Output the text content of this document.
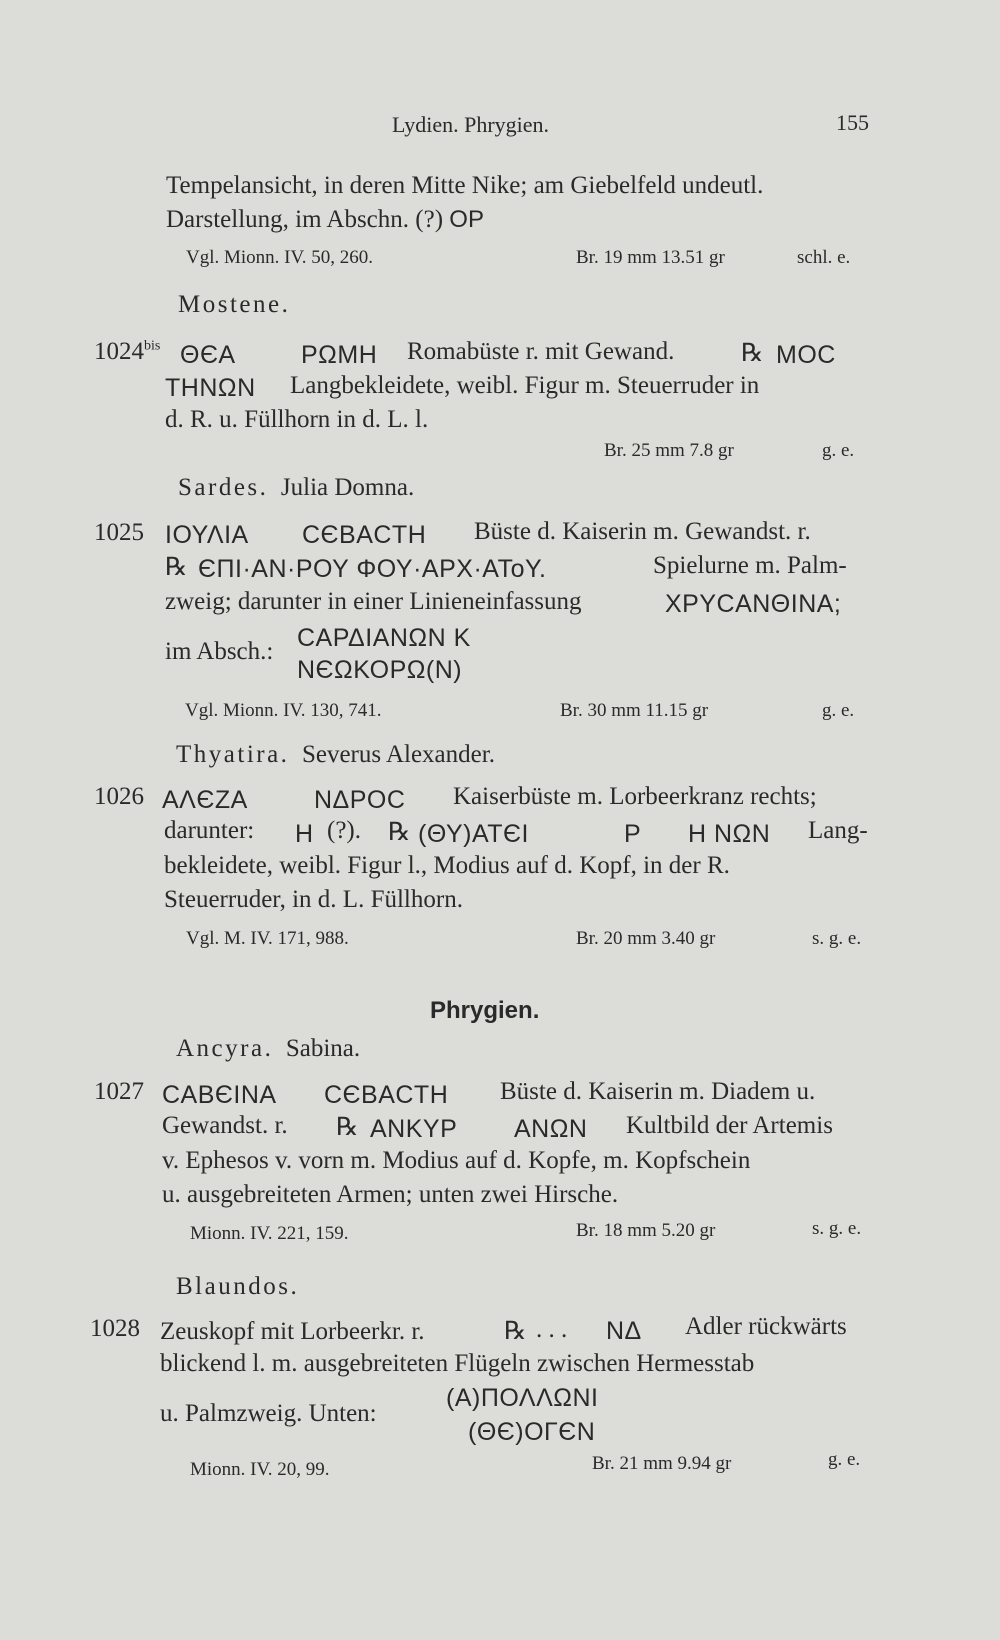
Lydien. Phrygien.	155
Tempelansicht, in deren Mitte Nike; am Giebelfeld undeutl.
Darstellung, im Abschn. (?) OP
Vgl. Mionn. IV. 50, 260.	Br. 19 mm 13.51 gr	schl. e.
Mostene.
$1024^{bis}$ ΘЄΑ	ΡΩΜΗ Romabüste r. mit Gewand.	℞ ΜΟϹ
ΤΗΝΩΝ Langbekleidete, weibl. Figur m. Steuerruder in
d. R. u. Füllhorn in d. L. l.
Br. 25 mm 7.8 gr	g. e.
Sardes. Julia Domna.
1025 ΙΟΥΛΙΑ ϹЄΒΑϹΤΗ Büste d. Kaiserin m. Gewandst. r.
℞ ЄΠΙ·ΑΝ·ΡΟΥ ΦΟΥ·ΑΡΧ·ΑΤοΥ.	Spielurne m. Palm-
zweig; darunter in einer Linieneinfassung	ΧΡΥϹΑΝΘΙΝΑ;
im Absch.: ϹΑΡΔΙΑΝΩΝ Κ
ΝЄΩΚΟΡΩ(Ν)
Vgl. Mionn. IV. 130, 741.	Br. 30 mm 11.15 gr	g. e.
Thyatira. Severus Alexander.
1026 ΑΛЄΖΑ	ΝΔΡΟϹ Kaiserbüste m. Lorbeerkranz rechts;
darunter: Η (?). ℞ (ΘΥ)ΑΤЄΙ	Ρ Η ΝΩΝ Lang-
bekleidete, weibl. Figur l., Modius auf d. Kopf, in der R.
Steuerruder, in d. L. Füllhorn.
Vgl. M. IV. 171, 988.	Br. 20 mm 3.40 gr	s. g. e.
Phrygien.
Ancyra. Sabina.
1027 ϹΑΒЄΙΝΑ ϹЄΒΑϹΤΗ Büste d. Kaiserin m. Diadem u.
Gewandst. r. ℞ ΑΝΚΥΡ ΑΝΩΝ Kultbild der Artemis
v. Ephesos v. vorn m. Modius auf d. Kopfe, m. Kopfschein
u. ausgebreiteten Armen; unten zwei Hirsche.
Mionn. IV. 221, 159.	Br. 18 mm 5.20 gr	s. g. e.
Blaundos.
1028 Zeuskopf mit Lorbeerkr. r.	℞ . . . ΝΔ Adler rückwärts
blickend l. m. ausgebreiteten Flügeln zwischen Hermesstab
u. Palmzweig. Unten:
(Α)ΠΟΛΛΩΝΙ
(ΘЄ)ΟΓЄΝ
Mionn. IV. 20, 99.	Br. 21 mm 9.94 gr	g. e.
